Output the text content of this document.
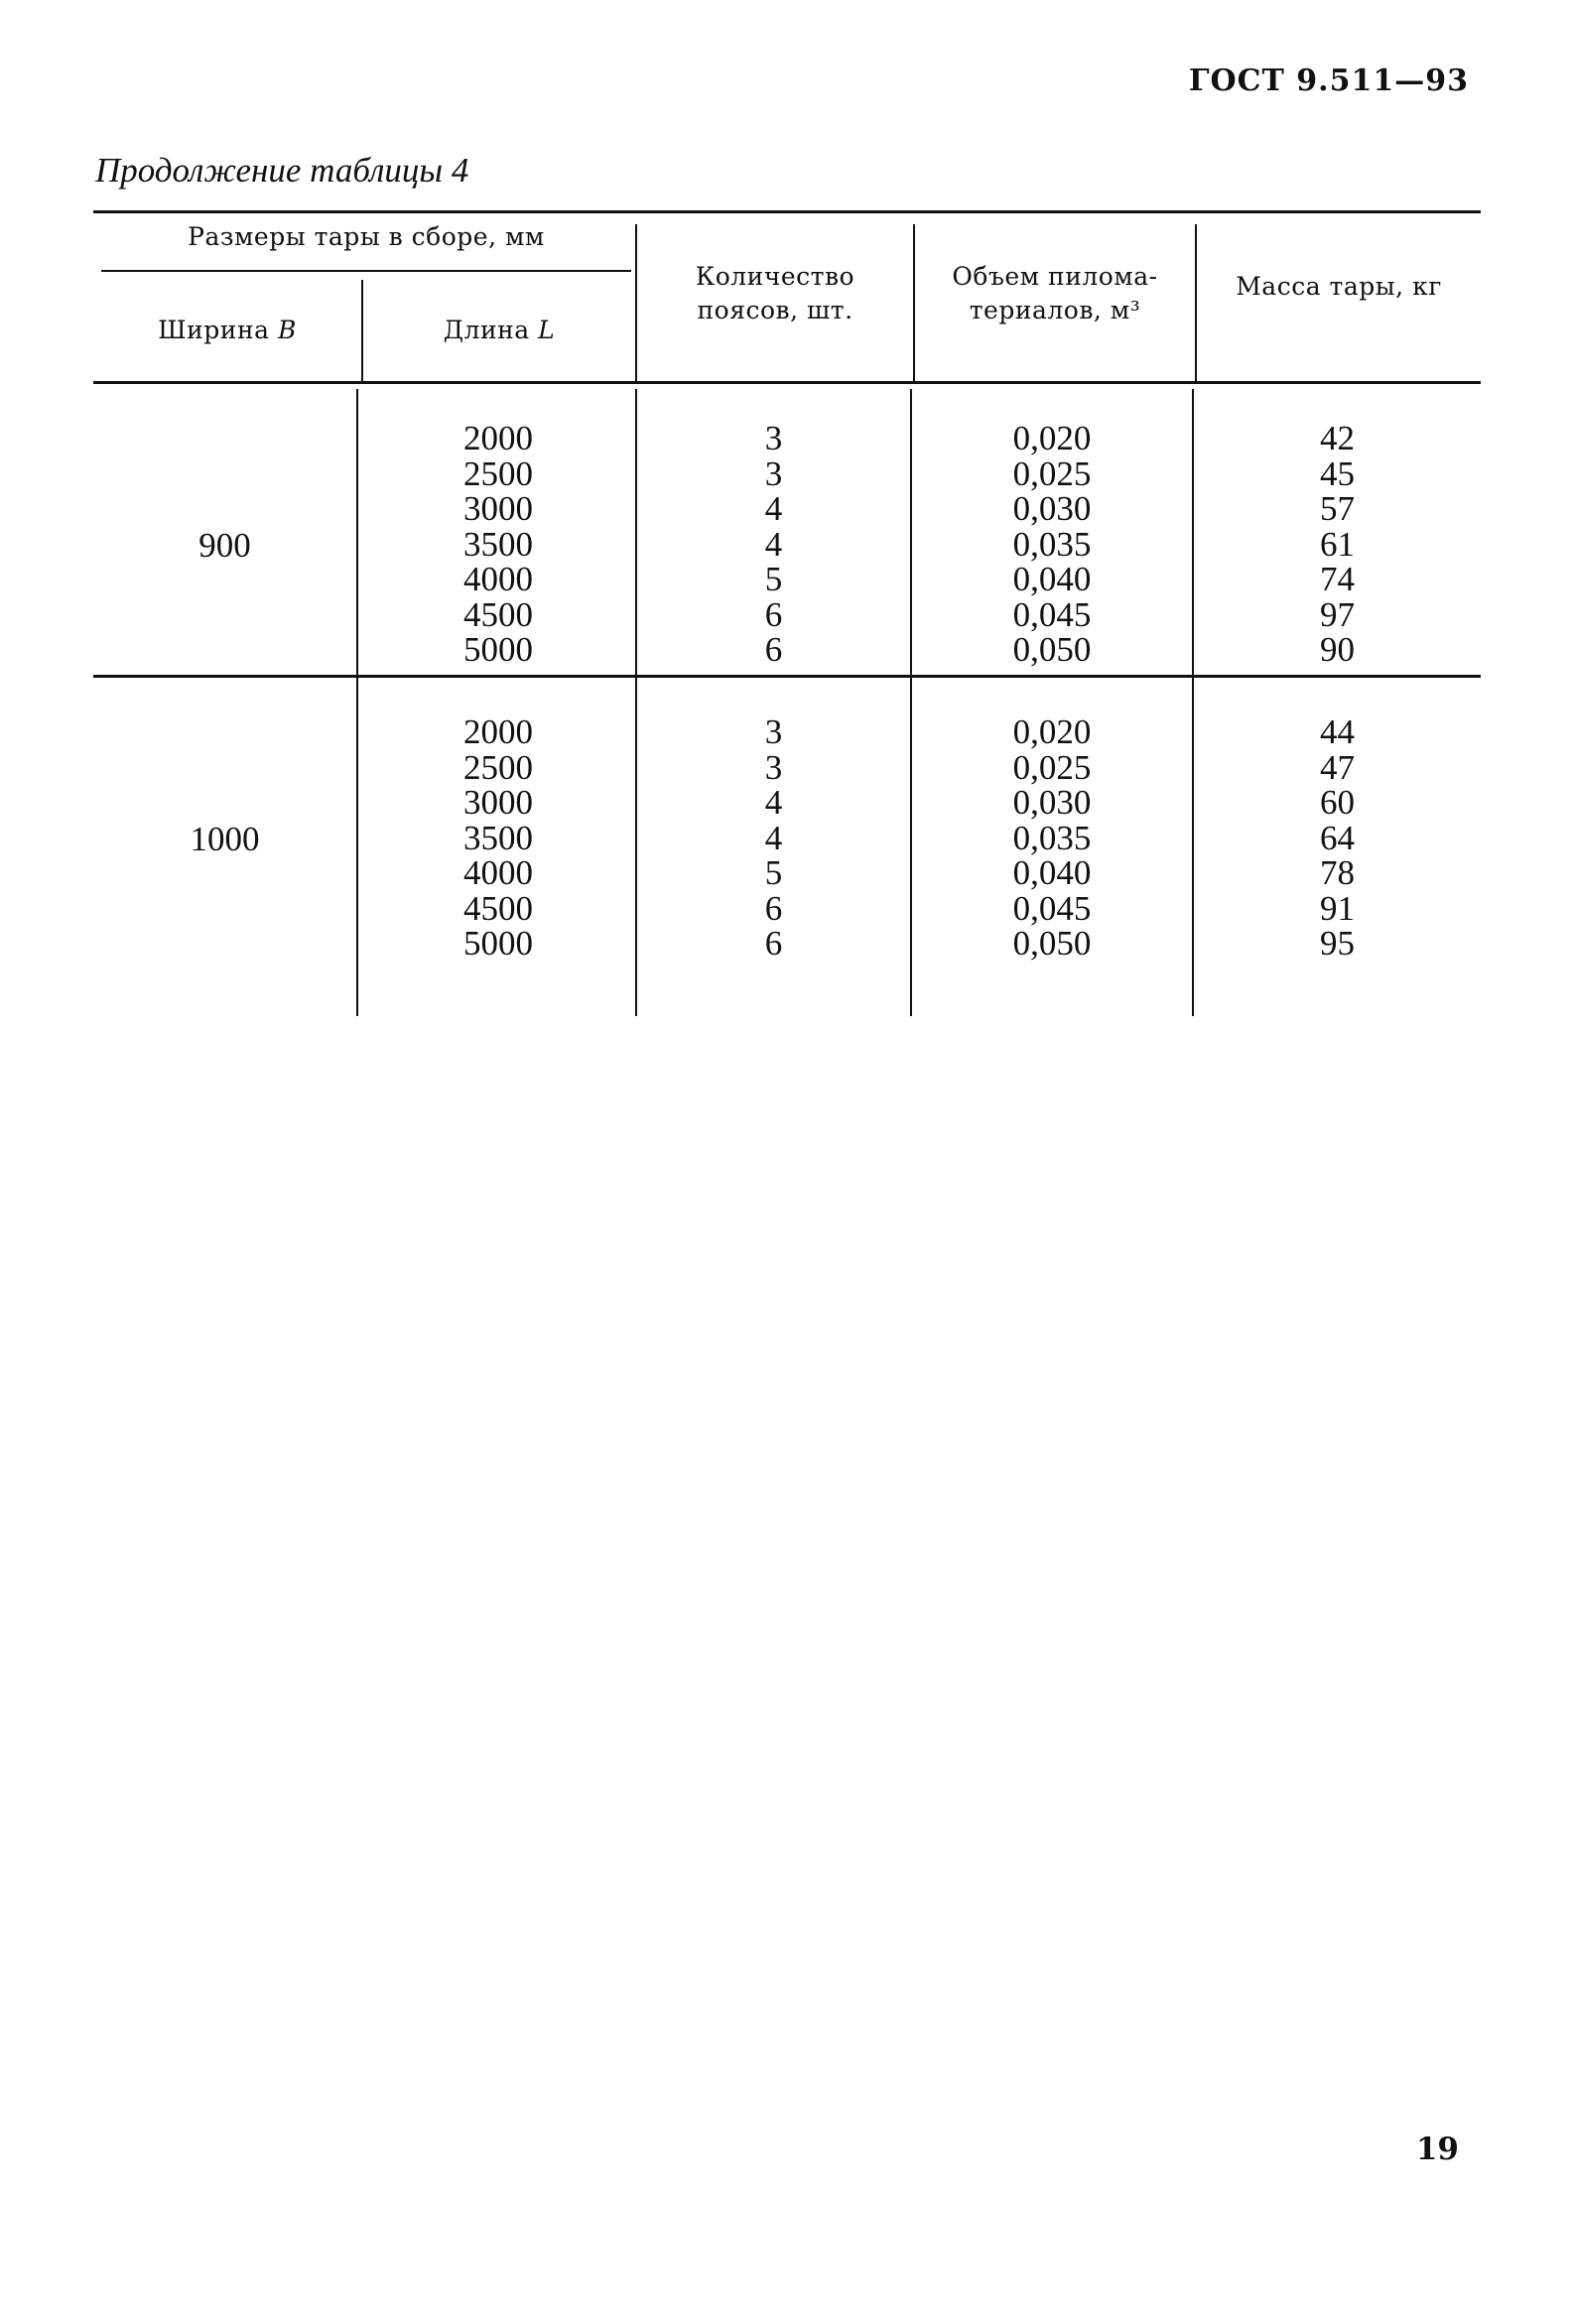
ГОСТ 9.511—93
Продолжение таблицы 4
Размеры тары в сборе, мм
Ширина B	Длина L
Количество
поясов, шт.
Объем пилома-
териалов, м³
Масса тары, кг
900
2000
2500
3000
3500
4000
4500
5000
3
3
4
4
5
6
6
0,020
0,025
0,030
0,035
0,040
0,045
0,050
42
45
57
61
74
97
90
1000
2000
2500
3000
3500
4000
4500
5000
3
3
4
4
5
6
6
0,020
0,025
0,030
0,035
0,040
0,045
0,050
44
47
60
64
78
91
95
19
